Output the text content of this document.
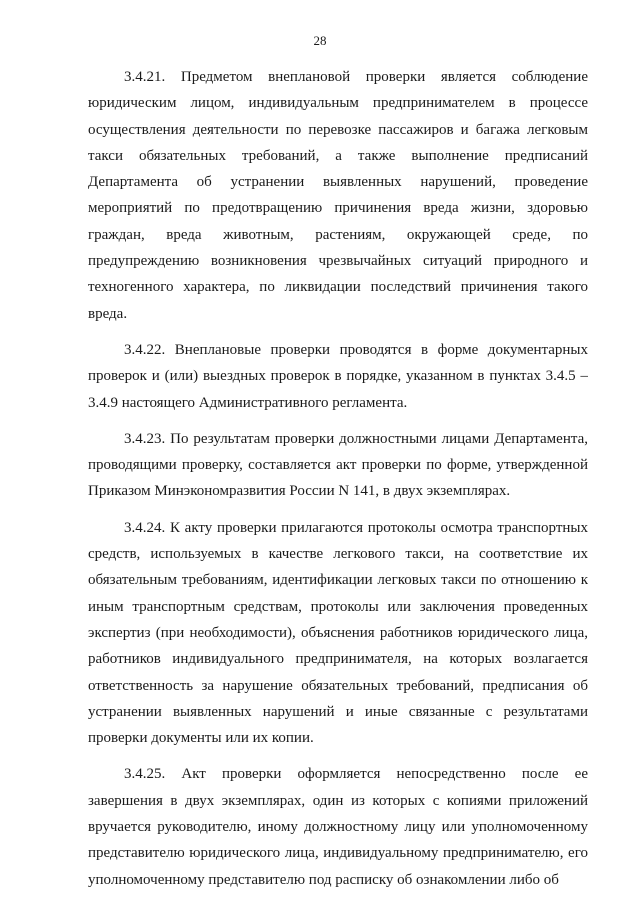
28
3.4.21. Предметом внеплановой проверки является соблюдение
юридическим лицом, индивидуальным предпринимателем в процессе
осуществления деятельности по перевозке пассажиров и багажа легковым
такси обязательных требований, а также выполнение предписаний
Департамента об устранении выявленных нарушений, проведение
мероприятий по предотвращению причинения вреда жизни, здоровью
граждан, вреда животным, растениям, окружающей среде, по
предупреждению возникновения чрезвычайных ситуаций природного и
техногенного характера, по ликвидации последствий причинения такого
вреда.
3.4.22. Внеплановые проверки проводятся в форме документарных
проверок и (или) выездных проверок в порядке, указанном в пунктах 3.4.5 –
3.4.9 настоящего Административного регламента.
3.4.23. По результатам проверки должностными лицами Департамента,
проводящими проверку, составляется акт проверки по форме, утвержденной
Приказом Минэкономразвития России N 141, в двух экземплярах.
3.4.24. К акту проверки прилагаются протоколы осмотра транспортных
средств, используемых в качестве легкового такси, на соответствие их
обязательным требованиям, идентификации легковых такси по отношению к
иным транспортным средствам, протоколы или заключения проведенных
экспертиз (при необходимости), объяснения работников юридического лица,
работников индивидуального предпринимателя, на которых возлагается
ответственность за нарушение обязательных требований, предписания об
устранении выявленных нарушений и иные связанные с результатами
проверки документы или их копии.
3.4.25. Акт проверки оформляется непосредственно после ее
завершения в двух экземплярах, один из которых с копиями приложений
вручается руководителю, иному должностному лицу или уполномоченному
представителю юридического лица, индивидуальному предпринимателю, его
уполномоченному представителю под расписку об ознакомлении либо об
